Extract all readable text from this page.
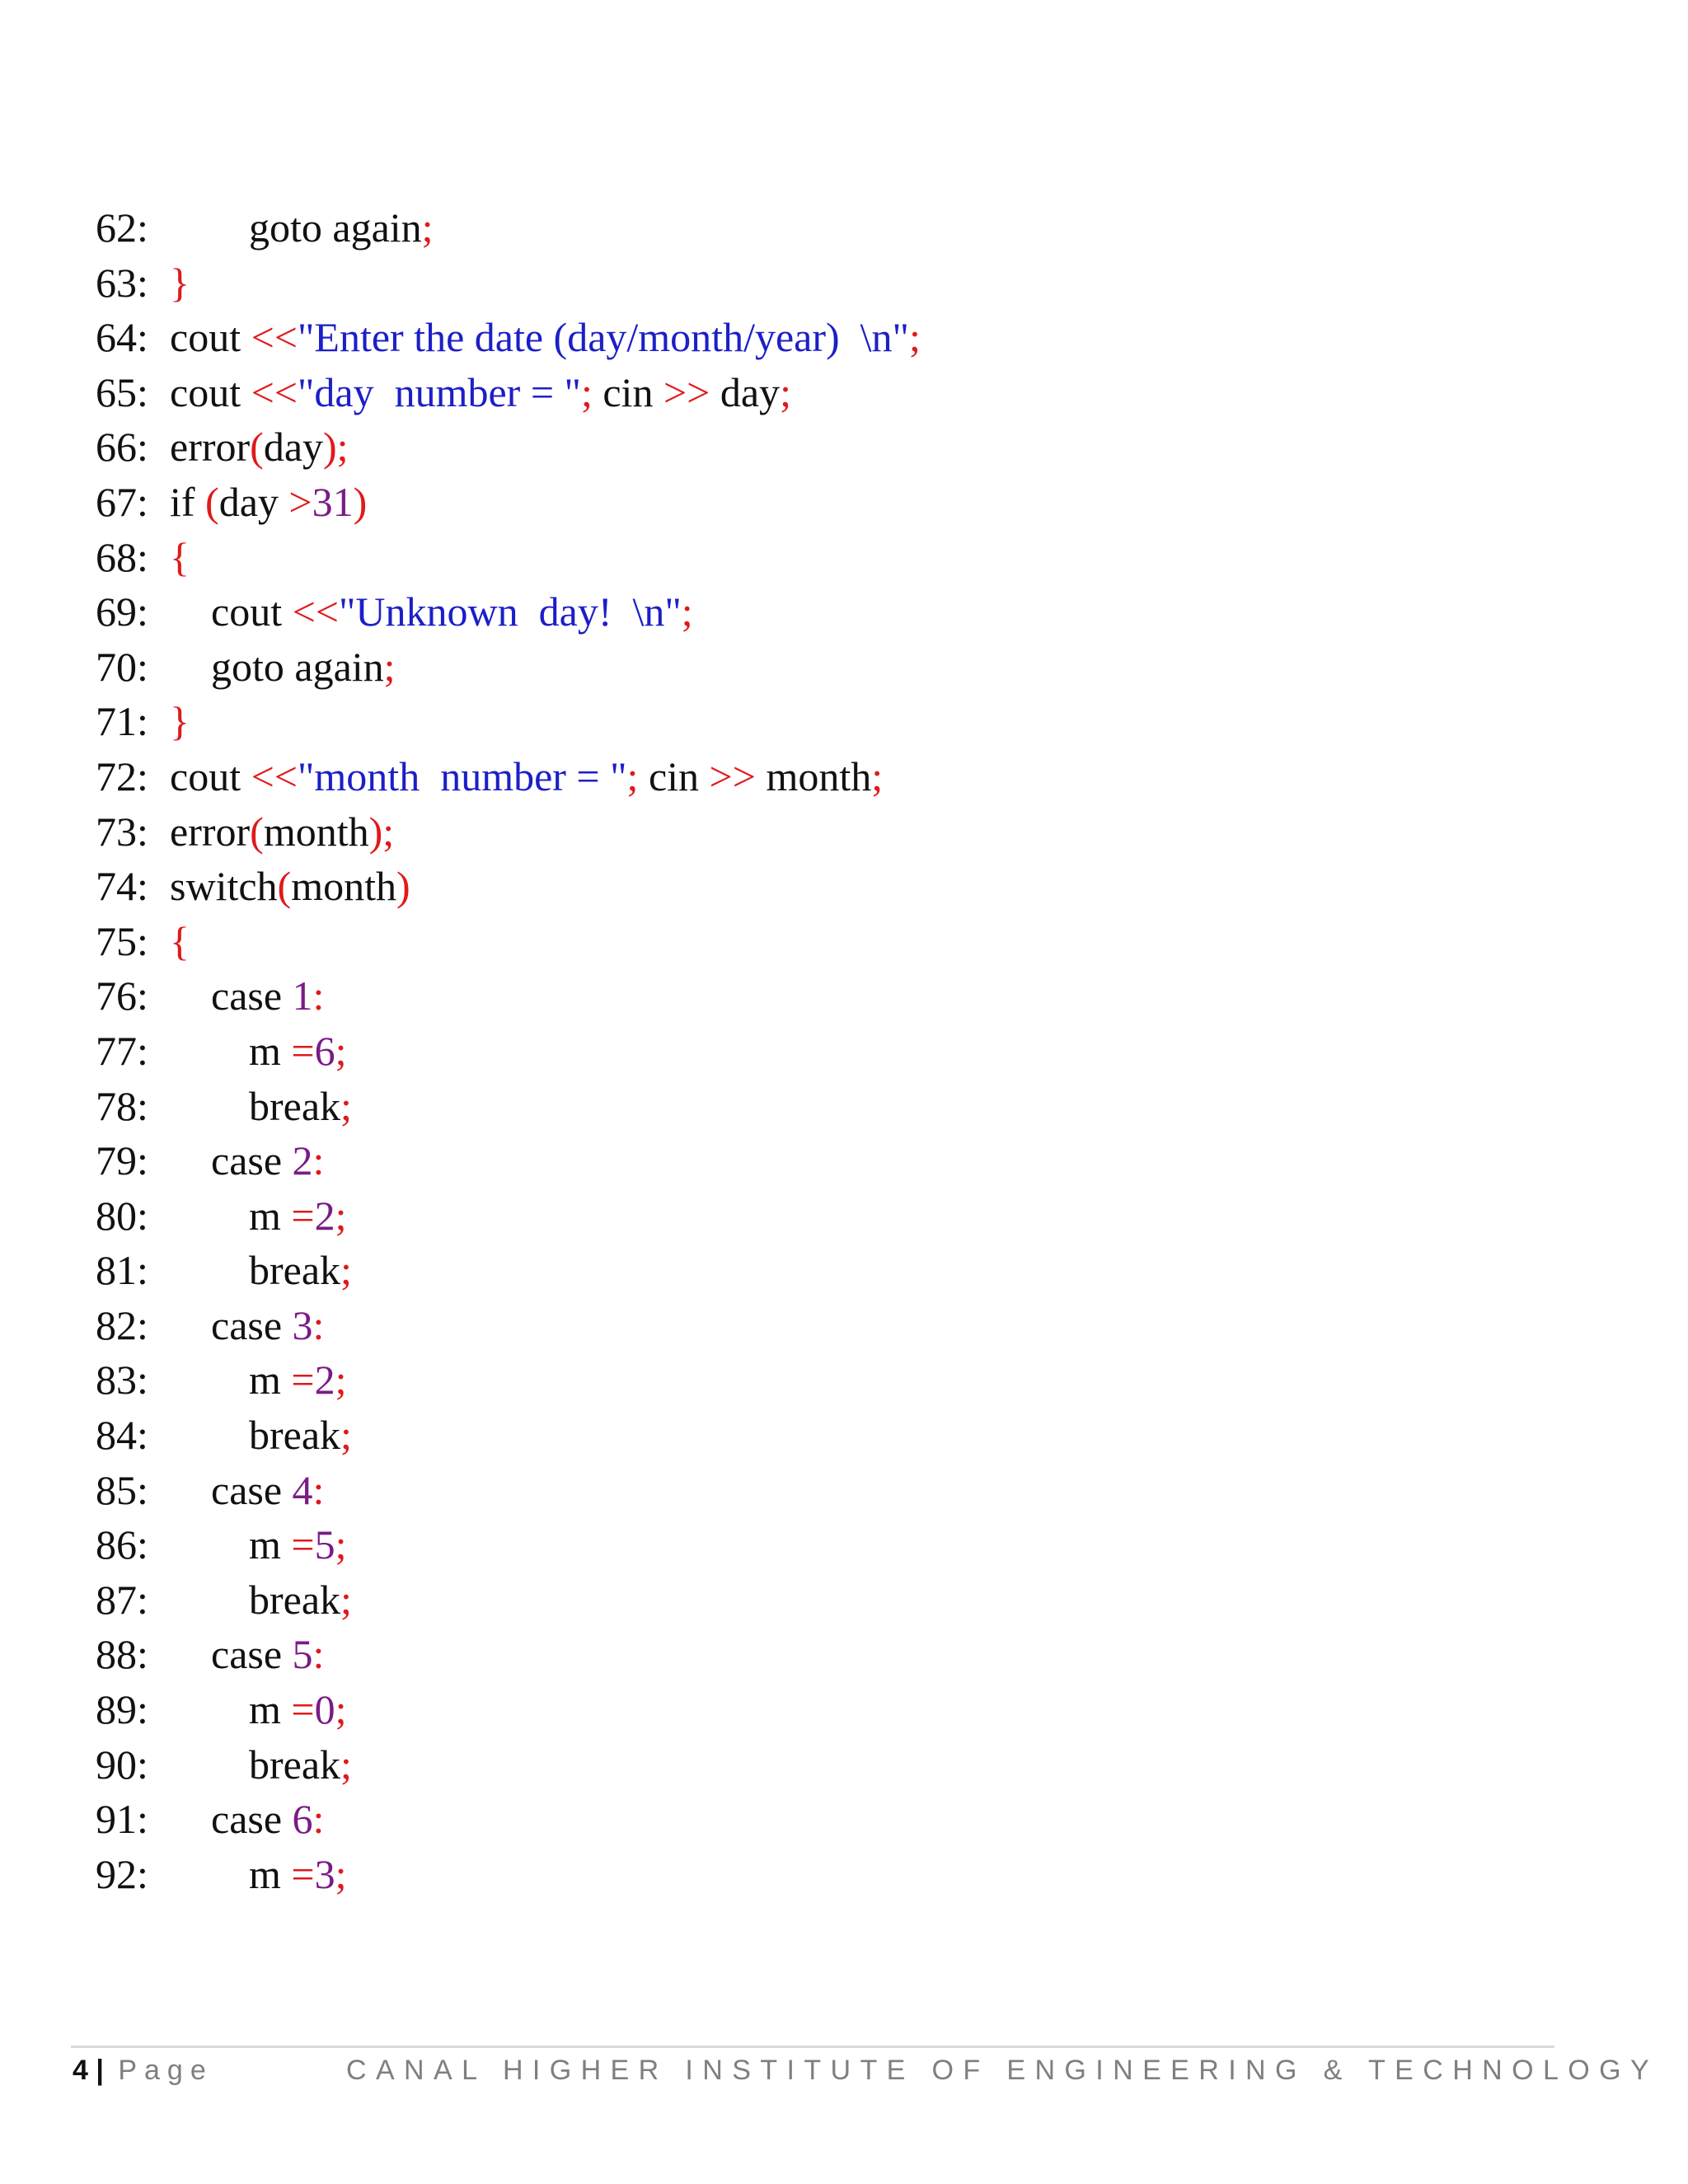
62: goto again;
63: }
64: cout <<"Enter the date (day/month/year)  \n";
65: cout <<"day  number = "; cin >> day;
66: error(day);
67: if (day >31)
68: {
69: cout <<"Unknown  day!  \n";
70: goto again;
71: }
72: cout <<"month  number = "; cin >> month;
73: error(month);
74: switch(month)
75: {
76: case 1:
77: m =6;
78: break;
79: case 2:
80: m =2;
81: break;
82: case 3:
83: m =2;
84: break;
85: case 4:
86: m =5;
87: break;
88: case 5:
89: m =0;
90: break;
91: case 6:
92: m =3;
4 | Page	CANAL HIGHER INSTITUTE OF ENGINEERING & TECHNOLOGY
